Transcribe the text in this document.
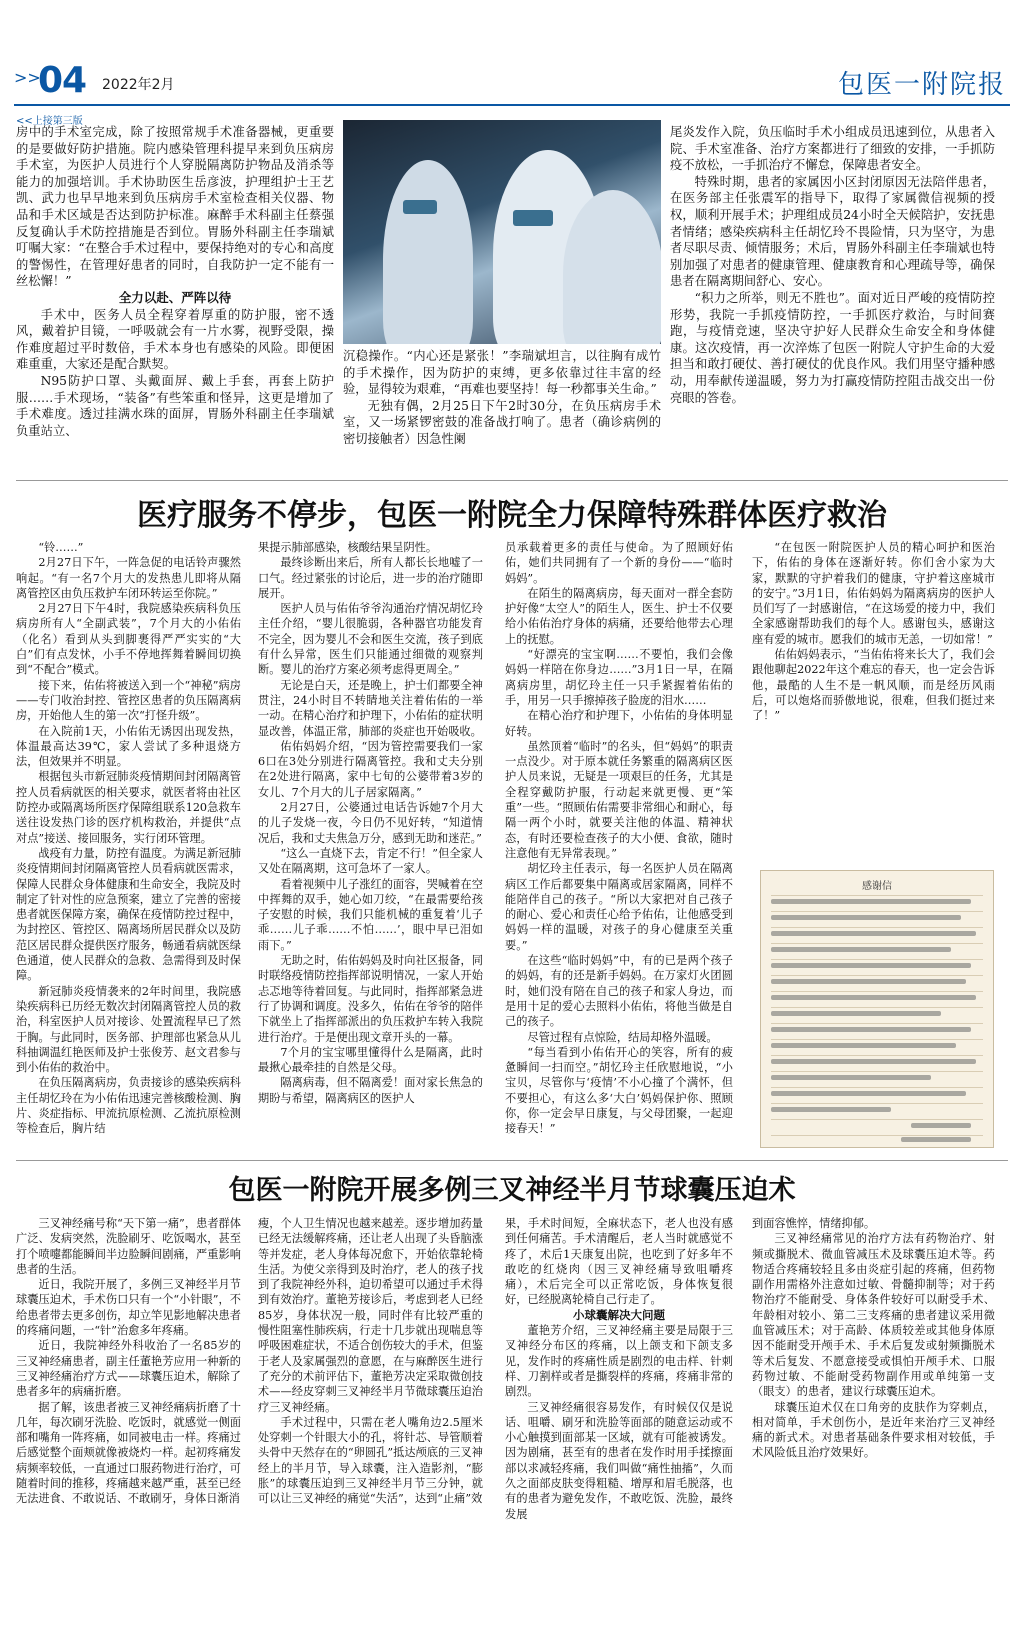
>>
04 2022年2月	包医一附院报
<<上接第三版

房中的手术室完成，除了按照常规手术准备器械，更重要的是要做好防护措施。院内感染管理科提早来到负压病房手术室，为医护人员进行个人穿脱隔离防护物品及消杀等能力的加强培训。手术协助医生岳彦波，护理组护士王艺凯、武力也早早地来到负压病房手术室检查相关仪器、物品和手术区域是否达到防护标准。麻醉手术科副主任蔡强反复确认手术防控措施是否到位。胃肠外科副主任李瑞斌叮嘱大家：“在整合手术过程中，要保持绝对的专心和高度的警惕性，在管理好患者的同时，自我防护一定不能有一丝松懈！”

全力以赴、严阵以待

手术中，医务人员全程穿着厚重的防护服，密不透风，戴着护目镜，一呼吸就会有一片水雾，视野受限，操作难度超过平时数倍，手术本身也有感染的风险。即便困难重重，大家还是配合默契。

N95防护口罩、头戴面屏、戴上手套，再套上防护服……手术现场，“装备”有些笨重和怪异，这更是增加了手术难度。透过挂满水珠的面屏，胃肠外科副主任李瑞斌负重站立、

沉稳操作。“内心还是紧张！”李瑞斌坦言，以往胸有成竹的手术操作，因为防护的束缚，更多依靠过往丰富的经验，显得较为艰难，“再难也要坚持！每一秒都事关生命。”

无独有偶，2月25日下午2时30分，在负压病房手术室，又一场紧锣密鼓的准备战打响了。患者（确诊病例的密切接触者）因急性阑

尾炎发作入院，负压临时手术小组成员迅速到位，从患者入院、手术室准备、治疗方案都进行了细致的安排，一手抓防疫不放松，一手抓治疗不懈怠，保障患者安全。

特殊时期，患者的家属因小区封闭原因无法陪伴患者，在医务部主任张震军的指导下，取得了家属微信视频的授权，顺利开展手术；护理组成员24小时全天候陪护，安抚患者情绪；感染疾病科主任胡忆玲不畏险情，只为坚守，为患者尽职尽责、倾情服务；术后，胃肠外科副主任李瑞斌也特别加强了对患者的健康管理、健康教育和心理疏导等，确保患者在隔离期间舒心、安心。

“积力之所举，则无不胜也”。面对近日严峻的疫情防控形势，我院一手抓疫情防控，一手抓医疗救治，与时间赛跑，与疫情竞速，坚决守护好人民群众生命安全和身体健康。这次疫情，再一次淬炼了包医一附院人守护生命的大爱担当和敢打硬仗、善打硬仗的优良作风。我们用坚守播种感动，用奉献传递温暖，努力为打赢疫情防控阻击战交出一份亮眼的答卷。

医疗服务不停步，包医一附院全力保障特殊群体医疗救治

“铃……”

2月27日下午，一阵急促的电话铃声骤然响起。“有一名7个月大的发热患儿即将从隔离管控区由负压救护车闭环转运至你院。”

2月27日下午4时，我院感染疾病科负压病房所有人“全副武装”，7个月大的小佑佑（化名）看到从头到脚裹得严严实实的“大白”们有点发怵，小手不停地挥舞着瞬间切换到“不配合”模式。

接下来，佑佑将被送入到一个“神秘”病房——专门收治封控、管控区患者的负压隔离病房，开始他人生的第一次“打怪升级”。

在入院前1天，小佑佑无诱因出现发热，体温最高达39℃，家人尝试了多种退烧方法，但效果并不明显。

根据包头市新冠肺炎疫情期间封闭隔离管控人员看病就医的相关要求，就医者将由社区防控办或隔离场所医疗保障组联系120急救车送往设发热门诊的医疗机构救治，并提供“点对点”接送、接回服务，实行闭环管理。

战疫有力量，防控有温度。为满足新冠肺炎疫情期间封闭隔离管控人员看病就医需求，保障人民群众身体健康和生命安全，我院及时制定了针对性的应急预案，建立了完善的密接患者就医保障方案，确保在疫情防控过程中，为封控区、管控区、隔离场所居民群众以及防范区居民群众提供医疗服务，畅通看病就医绿色通道，使人民群众的急救、急需得到及时保障。

新冠肺炎疫情袭来的2年时间里，我院感染疾病科已历经无数次封闭隔离管控人员的救治，科室医护人员对接诊、处置流程早已了然于胸。与此同时，医务部、护理部也紧急从儿科抽调温红艳医师及护士张俊芳、赵文君参与到小佑佑的救治中。

在负压隔离病房，负责接诊的感染疾病科主任胡忆玲在为小佑佑迅速完善核酸检测、胸片、炎症指标、甲流抗原检测、乙流抗原检测等检查后，胸片结

果提示肺部感染，核酸结果呈阴性。

最终诊断出来后，所有人都长长地嘘了一口气。经过紧张的讨论后，进一步的治疗随即展开。

医护人员与佑佑爷爷沟通治疗情况胡忆玲主任介绍，“婴儿很脆弱，各种器官功能发育不完全，因为婴儿不会和医生交流，孩子到底有什么异常，医生们只能通过细微的观察判断。婴儿的治疗方案必须考虑得更周全。”

无论是白天，还是晚上，护士们都要全神贯注，24小时目不转睛地关注着佑佑的一举一动。在精心治疗和护理下，小佑佑的症状明显改善，体温正常，肺部的炎症也开始吸收。

佑佑妈妈介绍，“因为管控需要我们一家6口在3处分别进行隔离管控。我和丈夫分别在2处进行隔离，家中七旬的公婆带着3岁的女儿、7个月大的儿子居家隔离。”

2月27日，公婆通过电话告诉她7个月大的儿子发烧一夜，今日仍不见好转，“知道情况后，我和丈夫焦急万分，感到无助和迷茫。”

“这么一直烧下去，肯定不行！”但全家人又处在隔离期，这可急坏了一家人。

看着视频中儿子涨红的面容，哭喊着在空中挥舞的双手，她心如刀绞，“在最需要给孩子安慰的时候，我们只能机械的重复着‘儿子乖……儿子乖……不怕……’，眼中早已泪如雨下。”

无助之时，佑佑妈妈及时向社区报备，同时联络疫情防控指挥部说明情况，一家人开始忐忑地等待着回复。与此同时，指挥部紧急进行了协调和调度。没多久，佑佑在爷爷的陪伴下就坐上了指挥部派出的负压救护车转入我院进行治疗。于是便出现文章开头的一幕。

7个月的宝宝哪里懂得什么是隔离，此时最揪心最牵挂的自然是父母。

隔离病毒，但不隔离爱！面对家长焦急的期盼与希望，隔离病区的医护人

员承载着更多的责任与使命。为了照顾好佑佑，她们共同拥有了一个新的身份——“临时妈妈”。

在陌生的隔离病房，每天面对一群全套防护好像“太空人”的陌生人，医生、护士不仅要给小佑佑治疗身体的病痛，还要给他带去心理上的抚慰。

“好漂亮的宝宝啊……不要怕，我们会像妈妈一样陪在你身边……”3月1日一早，在隔离病房里，胡忆玲主任一只手紧握着佑佑的手，用另一只手擦掉孩子脸庞的泪水……

在精心治疗和护理下，小佑佑的身体明显好转。

虽然顶着“临时”的名头，但“妈妈”的职责一点没少。对于原本就任务繁重的隔离病区医护人员来说，无疑是一项艰巨的任务，尤其是全程穿戴防护服，行动起来就更慢、更“笨重”一些。“照顾佑佑需要非常细心和耐心，每隔一两个小时，就要关注他的体温、精神状态，有时还要检查孩子的大小便、食欲，随时注意他有无异常表现。”

胡忆玲主任表示，每一名医护人员在隔离病区工作后都要集中隔离或居家隔离，同样不能陪伴自己的孩子。“所以大家把对自己孩子的耐心、爱心和责任心给予佑佑，让他感受到妈妈一样的温暖，对孩子的身心健康至关重要。”

在这些“临时妈妈”中，有的已是两个孩子的妈妈，有的还是新手妈妈。在万家灯火团圆时，她们没有陪在自己的孩子和家人身边，而是用十足的爱心去照料小佑佑，将他当做是自己的孩子。

尽管过程有点惊险，结局却格外温暖。

“每当看到小佑佑开心的笑容，所有的疲惫瞬间一扫而空。”胡忆玲主任欣慰地说，“小宝贝，尽管你与‘疫情’不小心撞了个满怀，但不要担心，有这么多‘大白’妈妈保护你、照顾你，你一定会早日康复，与父母团聚，一起迎接春天！”

“在包医一附院医护人员的精心呵护和医治下，佑佑的身体在逐渐好转。你们舍小家为大家，默默的守护着我们的健康，守护着这座城市的安宁。”3月1日，佑佑妈妈为隔离病房的医护人员们写了一封感谢信，“在这场爱的接力中，我们全家感谢帮助我们的每个人。感谢包头，感谢这座有爱的城市。愿我们的城市无恙，一切如常！”

佑佑妈妈表示，“当佑佑将来长大了，我们会跟他聊起2022年这个难忘的春天，也一定会告诉他，最酷的人生不是一帆风顺，而是经历风雨后，可以炮烙而骄傲地说，很难，但我们挺过来了！”

感谢信
包医一附院开展多例三叉神经半月节球囊压迫术

三叉神经痛号称“天下第一痛”，患者群体广泛、发病突然，洗脸刷牙、吃饭喝水，甚至打个喷嚏都能瞬间半边脸瞬间剧痛，严重影响患者的生活。

近日，我院开展了，多例三叉神经半月节球囊压迫术，手术伤口只有一个“小针眼”，不给患者带去更多创伤，却立竿见影地解决患者的疼痛问题，一“针”治愈多年疼痛。

近日，我院神经外科收治了一名85岁的三叉神经痛患者，副主任董艳芳应用一种新的三叉神经痛治疗方式——球囊压迫术，解除了患者多年的病痛折磨。

据了解，该患者被三叉神经痛病折磨了十几年，每次刷牙洗脸、吃饭时，就感觉一侧面部和嘴角一阵疼痛，如同被电击一样。疼痛过后感觉整个面颊就像被烧灼一样。起初疼痛发病频率较低，一直通过口服药物进行治疗，可随着时间的推移，疼痛越来越严重，甚至已经无法进食、不敢说话、不敢刷牙，身体日渐消

瘦，个人卫生情况也越来越差。逐步增加药量已经无法缓解疼痛，还让老人出现了头昏脑涨等并发症，老人身体每况愈下，开始依靠轮椅生活。为使父亲得到及时治疗，老人的孩子找到了我院神经外科，迫切希望可以通过手术得到有效治疗。董艳芳接诊后，考虑到老人已经85岁，身体状况一般，同时伴有比较严重的慢性阻塞性肺疾病，行走十几步就出现喘息等呼吸困难症状，不适合创伤较大的手术，但鉴于老人及家属强烈的意愿，在与麻醉医生进行了充分的术前评估下，董艳芳决定采取微创技术——经皮穿刺三叉神经半月节微球囊压迫治疗三叉神经痛。

手术过程中，只需在老人嘴角边2.5厘米处穿刺一个针眼大小的孔，将针芯、导管顺着头骨中天然存在的“卵圆孔”抵达颅底的三叉神经上的半月节，导入球囊，注入造影剂，“膨胀”的球囊压迫到三叉神经半月节三分钟，就可以让三叉神经的痛觉“失活”，达到“止痛”效

果，手术时间短，全麻状态下，老人也没有感到任何痛苦。手术清醒后，老人当时就感觉不疼了，术后1天康复出院，也吃到了好多年不敢吃的红烧肉（因三叉神经痛导致咀嚼疼痛），术后完全可以正常吃饭，身体恢复很好，已经脱离轮椅自己行走了。

小球囊解决大问题

董艳芳介绍，三叉神经痛主要是局限于三叉神经分布区的疼痛，以上颌支和下颌支多见，发作时的疼痛性质是剧烈的电击样、针刺样、刀割样或者是撕裂样的疼痛，疼痛非常的剧烈。

三叉神经痛很容易发作，有时候仅仅是说话、咀嚼、刷牙和洗脸等面部的随意运动或不小心触摸到面部某一区域，就有可能被诱发。因为剧痛，甚至有的患者在发作时用手揉擦面部以求减轻疼痛，我们叫做“痛性抽搐”，久而久之面部皮肤变得粗糙、增厚和眉毛脱落，也有的患者为避免发作，不敢吃饭、洗脸，最终发展

到面容憔悴，情绪抑郁。

三叉神经痛常见的治疗方法有药物治疗、射频或撕脱术、微血管减压术及球囊压迫术等。药物适合疼痛较轻且多由炎症引起的疼痛，但药物副作用需格外注意如过敏、骨髓抑制等；对于药物治疗不能耐受、身体条件较好可以耐受手术、年龄相对较小、第二三支疼痛的患者建议采用微血管减压术；对于高龄、体质较差或其他身体原因不能耐受开颅手术、手术后复发或射频撕脱术等术后复发、不愿意接受或惧怕开颅手术、口服药物过敏、不能耐受药物副作用或单纯第一支（眼支）的患者，建议行球囊压迫术。

球囊压迫术仅在口角旁的皮肤作为穿刺点，相对简单，手术创伤小，是近年来治疗三叉神经痛的新式术。对患者基础条件要求相对较低，手术风险低且治疗效果好。
